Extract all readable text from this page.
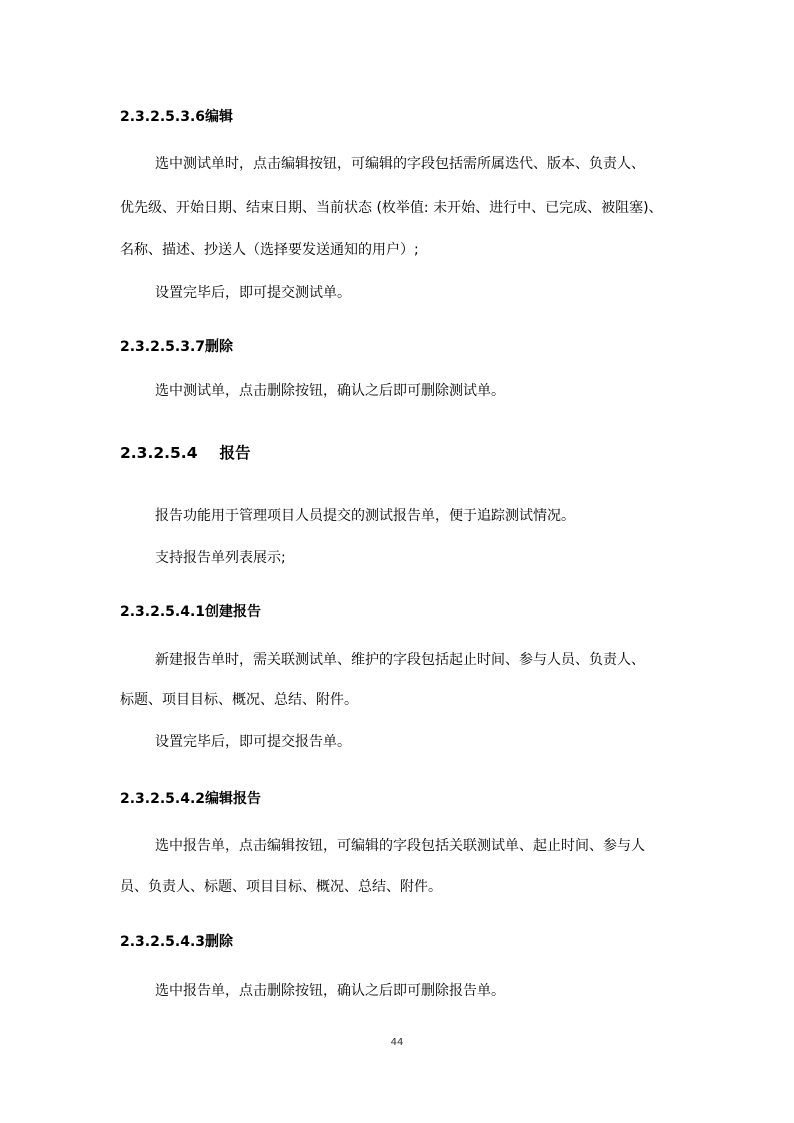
2.3.2.5.3.6编辑
选中测试单时，点击编辑按钮，可编辑的字段包括需所属迭代、版本、负责人、
优先级、开始日期、结束日期、当前状态 (枚举值: 未开始、进行中、已完成、被阻塞)、
名称、描述、抄送人（选择要发送通知的用户）;
设置完毕后，即可提交测试单。
2.3.2.5.3.7删除
选中测试单，点击删除按钮，确认之后即可删除测试单。
2.3.2.5.4 报告
报告功能用于管理项目人员提交的测试报告单，便于追踪测试情况。
支持报告单列表展示;
2.3.2.5.4.1创建报告
新建报告单时，需关联测试单、维护的字段包括起止时间、参与人员、负责人、
标题、项目目标、概况、总结、附件。
设置完毕后，即可提交报告单。
2.3.2.5.4.2编辑报告
选中报告单，点击编辑按钮，可编辑的字段包括关联测试单、起止时间、参与人
员、负责人、标题、项目目标、概况、总结、附件。
2.3.2.5.4.3删除
选中报告单，点击删除按钮，确认之后即可删除报告单。
44
